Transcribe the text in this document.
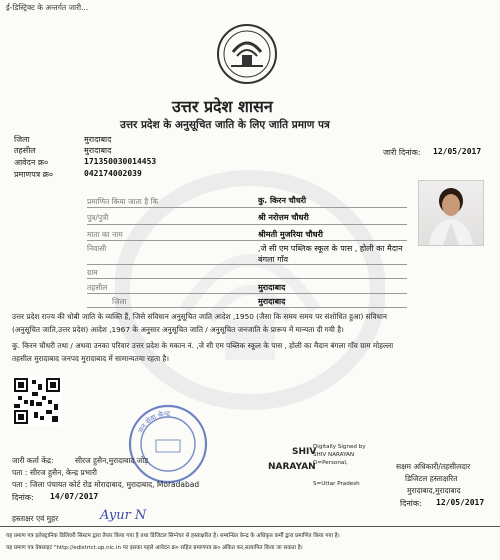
ई-डिस्ट्रिक्ट के अन्तर्गत जारी...
उत्तर प्रदेश शासन
उत्तर प्रदेश के अनुसूचित जाति के लिए जाति प्रमाण पत्र
जिला	मुरादाबाद
तहसील	मुरादाबाद
आवेदन क्र०	171350030014453
प्रमाणपत्र क्र०	042174002039
जारी दिनांक: 12/05/2017
प्रमाणित किया जाता है कि	कु. किरन चौधरी
पुत्र/पुत्री	श्री नरोत्तम चौधरी
माता का नाम	श्रीमती मुजरिया चौधरी
निवासी	,जे सी एम पब्लिक स्कूल के पास , होली का मैदान बंगला गाँव
ग्राम
तहसील	मुरादाबाद
जिला	मुरादाबाद
उत्तर प्रदेश राज्य की धोबी जाति के व्यक्ति हैं, जिसे संविधान अनुसूचित जाति आदेश ,1950 (जैसा कि समय समय पर संशोधित हुआ) संविधान
(अनुसूचित जाति,उत्तर प्रदेश) आदेश ,1967 के अनुसार अनुसूचित जाति / अनुसूचित जनजाति के प्रारूप में मान्यता दी गयी है।
कु. किरन चौधरी तथा / अथवा उनका परिवार उत्तर प्रदेश के मकान नं. ,जे सी एम पब्लिक स्कूल के पास , होली का मैदान बंगला गाँव ग्राम मोहल्ला
तहसील मुरादाबाद जनपद मुरादाबाद में सामान्यतया रहता है।
जन सेवा केन्द्र
जारी कर्ता केंद्र:	सीरज हुसैन,मुरादाबाद जोड़
पता : सीरज हुसैन, केन्द्र प्रभारी
पता : जिला पंचायत कोर्ट रोड मोरादाबाद, मुरादाबाद, Moradabad
दिनांक: 14/07/2017
SHIV
NARAYAN
Digitally Signed by
SHIV NARAYAN
O=Personal,
S=Uttar Pradesh
सक्षम अधिकारी/तहसीलदार
डिजिटल हस्ताक्षरित
मुरादाबाद,मुरादाबाद
दिनांक: 12/05/2017
हस्ताक्षर एवं मुहर	Ayur N
यह प्रमाण पत्र इलेक्ट्रानिक डिलिवरी सिस्टम द्वारा तैयार किया गया है तथा डिजिटल सिग्नेचर से हस्ताक्षरित है। सम्बन्धित केन्द्र के अधिकृत कर्मी द्वारा प्रमाणित किया गया है।
यह प्रमाण पत्र वेबसाइट "http://edistrict.up.nic.in पर इसका पहले आवेदन क्र० सहित प्रमाणपत्र क्र० अंकित कर,सत्यापित किया जा सकता है।
